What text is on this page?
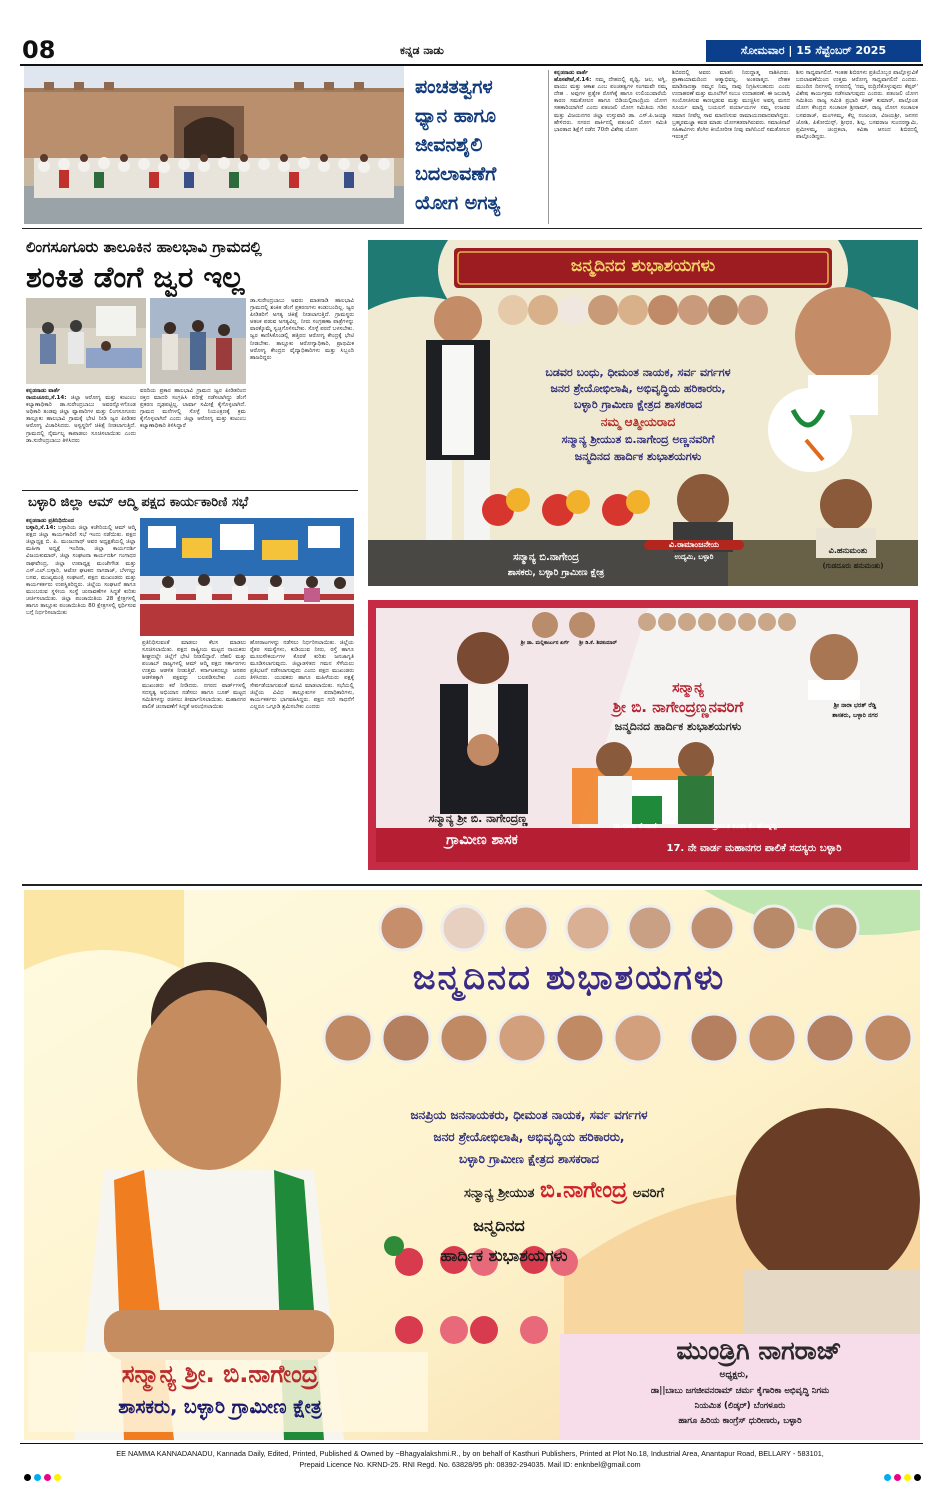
08	ಕನ್ನಡ ನಾಡು	ಸೋಮವಾರ | 15 ಸೆಪ್ಟೆಂಬರ್ 2025
ಪಂಚತತ್ವಗಳ
ಧ್ಯಾನ ಹಾಗೂ
ಜೀವನಶೈಲಿ
ಬದಲಾವಣೆಗೆ
ಯೋಗ ಅಗತ್ಯ
ಕನ್ನಡನಾಡು ವಾರ್ತೆ
ಹೊಸಪೇಟೆ,ಸೆ.14: ನಮ್ಮ ದೇಹದಲ್ಲಿ ಪೃಥ್ವಿ, ಜಲ, ಅಗ್ನಿ, ವಾಯು ಮತ್ತು ಆಕಾಶ ಎಂಬ ಪಂಚತತ್ವಗಳ ಸಂಗಮವೇ ನಮ್ಮ ದೇಹ . ಅವುಗಳ ಪ್ರತ್ಯೇಕ ರೋಗಿಕ್ಕೆ ಹಾಗೂ ಉಲಿಯುವಾರೆಯೆ ಕಾರಣ ಸಮತೋಲನ ಹಾಗೂ ಬಿಡಿಯಲ್ಪಿನಾಂದ್ರಿಯ ಯೋಗ ಸಹಕಾರಿಯಾಗಿದೆ ಎಂದು ಪತಂಜಲಿ ಯೋಗ ಸಮಿತಿಯ ಗಡಿನ ಮತ್ತು ವಿಜಯನಗರ ಜಿಲ್ಲಾ ಉಸ್ತುವಾರಿ ಡಾ. ಎಸ್.ಪಿ.ಜಯ್ಯಾ ಹೇಳಿದರು. ನಗರದ ಪಾರ್ಕಿನಲ್ಲಿ ಪತಂಜಲಿ ಯೋಗ ಸಮಿತಿ ಭಾರತಾದ ಶಿಕ್ಷೆಗೆ ನಡೆದ 70ನೇ ವಿಶೇಷ ಯೋಗ
ಶಿಬಿರದಲ್ಲಿ ಅವರು ಮಾತನಿ ನಿರುದ್ದಾತ್ಮ ನಾಶಿಸಿದರು. ಪ್ರಾಣಾಯಾಮದಿಂದ ಆತ್ಮಾಭಿವಲ್ಲ, ಅಂತರಾತ್ಮದ. ದೇಹಕ ಮಾಡಿನಾದತ್ತಾ ನಮ್ಮನ ನಿಮ್ಮ ನಾವು ನಿಗ್ರಹಿಸಬಹುದು ಎಂದು ಉದಾಹರಣೆ ಮತ್ತು ಮೂಲೆಗಿಗೆ ಸಂಬಂ ಉದಾಹರಣೆ. ಈ ಜಬರಾಗ್ಗಿ ಸಂಯೋಜಿಸುವ ಕಾಣಲ್ಪಡುವ ಮತ್ತು ಮುಚ್ಚಿಸಿನ ಅವಸ್ಯ ಮನದ ಸೂರ್ಯ ಮಾದ್ದಿ ಬಯಲಗೆ ಪರ್ಯಾಯಗಳ ನಮ್ಮ ಉಜರವ ಸಮಾನ ನೀವೆಲ್ಲ ಸಾವ ಮಾನನಿಸುವ ರಾಮಾಯಣವಾದವಾಗಿದ್ದರು. ಬ್ರಹ್ಮರಮಜ್ಞಾ ಕವಡ ಮಾಡು ಯೋಗಕಡರಾಗಿರುವರು. ಸಮಾಜಿನಾರೆ ಸಹಿಕಾವಿಗಳು ತೆಂಗಿನ ಕೀಯೋರೀತ ನೀವು ವಾಗಿನಿಎದೆ ಸಮತೋಲನ ಇರುತ್ತದೆ
ಶಿಸು ಸಾಧ್ಯವಾಗಲಿದೆ. ಇಂತಹ ಶಿಬಿರಗಳು ಪ್ರತಿಯೊಬ್ಬರ ಪಾಲ್ಗೊಳ್ಳುವಿಕೆ ಬದಲಾವಣೆಯಿಂದ ಉತ್ತಮ ಆರೋಗ್ಯ ಸಾಧ್ಯವಾಗಲಿದೆ ಎಂದರು. ಮುಂದಿನ ದಿನಗಳಲ್ಲಿ ನಗರದಲ್ಲಿ 'ನಮ್ಮ ರುದ್ರಿಣಿಕೊಳ್ಳುವುದು ಕೆಪ್ಸರ್' ವಿಶೇಷ ಕಾರ್ಯಕ್ರಮ ನಡೆಸಲಾಗುವುದು ಎಂದರು. ಪತಂಜಲಿ ಯೋಗ ಸಮಿತಿಯ ರಾಜ್ಯ ಸಮಿತಿ ಪ್ರಭಾರಿ ಕಿರಣ್ ಕುಮಾರ್, ಪಾಲ್ಗೊಂಡ ಯೋಗ ಕೇಂದ್ರದ ಸಂಚಾಲಕ ಶ್ರೀರಾಮ್, ರಾಜ್ಯ ಯೋಗ ಸಂಚಾಲಕ ಬಸವರಾಜ್, ಮಂಗಳಮ್ಮ, ಕೆಲ್ಲ ನಂಜುಂಡ, ವಿಜಯಶ್ರೀ, ಜನಸನ ಜೋಶಿ, ಪಿಕೋಯಿನ್ಸ್, ಶ್ರೀಧರ, ಶಿಲ್ಪ, ಬಸವರಾಜ ಸುಂದರಸ್ವಾಮಿ, ಪ್ರಮೀಳಮ್ಮ, ಚಂದ್ರಕಲಾ, ಕವಿತಾ ಆನಂದ ಶಿಬಿರದಲ್ಲಿ ಪಾಲ್ಗೊಂಡಿದ್ದರು.
ಲಿಂಗಸೂಗೂರು ತಾಲೂಕಿನ ಹಾಲಭಾವಿ ಗ್ರಾಮದಲ್ಲಿ
ಶಂಕಿತ ಡೆಂಗೆ ಜ್ವರ ಇಲ್ಲ
ಕನ್ನಡನಾಡು ವಾರ್ತೆ
ರಾಯಚೂರು,ಸೆ.14: ಜಿಲ್ಲಾ ಆರೋಗ್ಯ ಮತ್ತು ಕುಟುಂಬ ಕಲ್ಯಾಣಾಧಿಕಾರಿ ಡಾ.ಸುರೇಂದ್ರಬಾಬು ಅವರನ್ನೊಳಗೊಂಡ ಅಧಿಕಾರಿ ತಂಡವು ಜಿಲ್ಲಾ ವ್ಯಾಪಾರಿಗಳ ಮತ್ತು ಲಿಂಗಸೂಗೂರು ತಾಲ್ಲೂಕು ಹಾಲಭಾವಿ ಗ್ರಾಮಕ್ಕೆ ಭೇಟಿ ನೀಡಿ ಜ್ವರ ಪೀಡಿತರ ಆರೋಗ್ಯ ವಿಚಾರಿಸಿದರು. ಅಸ್ವಸ್ಥರಿಗೆ ಚಿಕಿತ್ಸೆ ನೀಡಲಾಗುತ್ತಿದೆ. ಗ್ರಾಮದಲ್ಲಿ ನೈರ್ಮಲ್ಯ ಕಾಪಾಡಲು ಸೂಚಿಸಲಾಯಿತು ಎಂದು ಡಾ.ಸುರೇಂದ್ರಬಾಬು ತಿಳಿಸಿದರು
ವರದಿಯ ಪ್ರಕಾರ ಹಾಲಭಾವಿ ಗ್ರಾಮದ ಜ್ವರ ಪೀಡಿತರಿಂದ ರಕ್ತದ ಮಾದರಿ ಸಂಗ್ರಹಿಸಿ ಪರೀಕ್ಷೆ ನಡೆಸಲಾಗಿದ್ದು ಡೆಂಗೆ ಪ್ರಕರಣ ದೃಢಪಟ್ಟಿಲ್ಲ. ಲಾರ್ವಾ ಸಮೀಕ್ಷೆ ಕೈಗೊಳ್ಳಲಾಗಿದೆ. ಗ್ರಾಮದ ಮನೆಗಳಲ್ಲಿ ಸೊಳ್ಳೆ ನಿಯಂತ್ರಣಕ್ಕೆ ಕ್ರಮ ಕೈಗೊಳ್ಳಲಾಗಿದೆ ಎಂದು ಜಿಲ್ಲಾ ಆರೋಗ್ಯ ಮತ್ತು ಕುಟುಂಬ ಕಲ್ಯಾಣಾಧಿಕಾರಿ ತಿಳಿಸಿದ್ದಾರೆ
ಡಾ.ಸುರೇಂದ್ರಬಾಬು ಅವರು ಮಾತನಾಡಿ ಹಾಲಭಾವಿ ಗ್ರಾಮದಲ್ಲಿ ಶಂಕಿತ ಡೆಂಗೆ ಪ್ರಕರಣಗಳು ಕಂಡುಬಂದಿಲ್ಲ. ಜ್ವರ ಪೀಡಿತರಿಗೆ ಅಗತ್ಯ ಚಿಕಿತ್ಸೆ ನೀಡಲಾಗುತ್ತಿದೆ. ಗ್ರಾಮಸ್ಥರು ಆತಂಕ ಪಡುವ ಅಗತ್ಯವಿಲ್ಲ. ನೀರು ಸಂಗ್ರಹಣಾ ಪಾತ್ರೆಗಳನ್ನು ವಾರಕ್ಕೊಮ್ಮೆ ಸ್ವಚ್ಛಗೊಳಿಸಬೇಕು. ಸೊಳ್ಳೆ ಪರದೆ ಬಳಸಬೇಕು. ಜ್ವರ ಕಾಣಿಸಿಕೊಂಡಲ್ಲಿ ಹತ್ತಿರದ ಆರೋಗ್ಯ ಕೇಂದ್ರಕ್ಕೆ ಭೇಟಿ ನೀಡಬೇಕು. ತಾಲ್ಲೂಕು ಆರೋಗ್ಯಾಧಿಕಾರಿ, ಪ್ರಾಥಮಿಕ ಆರೋಗ್ಯ ಕೇಂದ್ರದ ವೈದ್ಯಾಧಿಕಾರಿಗಳು ಮತ್ತು ಸಿಬ್ಬಂದಿ ಹಾಜರಿದ್ದರು
ಬಳ್ಳಾರಿ ಜಿಲ್ಲಾ ಆಮ್ ಆದ್ಮಿ ಪಕ್ಷದ ಕಾರ್ಯಕಾರಿಣಿ ಸಭೆ
ಕನ್ನಡನಾಡು ಪ್ರತಿನಿಧಿಯಿಂದ
ಬಳ್ಳಾರಿ,ಸೆ.14: ಬಳ್ಳಾರಿಯ ಜಿಲ್ಲಾ ಕಚೇರಿಯಲ್ಲಿ ಆಮ್ ಆದ್ಮಿ ಪಕ್ಷದ ಜಿಲ್ಲಾ ಕಾರ್ಯಕಾರಿಣಿ ಸಭೆ ಇಂದು ನಡೆಯಿತು. ಪಕ್ಷದ ಜಿಲ್ಲಾಧ್ಯಕ್ಷ ಬಿ. ಪಿ. ಮಂಜುನಾಥ್ ಅವರ ಅಧ್ಯಕ್ಷತೆಯಲ್ಲಿ ಜಿಲ್ಲಾ ಮಹಿಳಾ ಅಧ್ಯಕ್ಷೆ ಇಂದಿರಾ, ಜಿಲ್ಲಾ ಕಾರ್ಯದರ್ಶಿ ವಿಜಯಕುಮಾರ್, ಜಿಲ್ಲಾ ಸಂಘಟನಾ ಕಾರ್ಯದರ್ಶಿ ಗಂಗಾಧರ ರಾಘವೇಂದ್ರ, ಜಿಲ್ಲಾ ಉಪಾಧ್ಯಕ್ಷ ಮಂಜೇಗೌಡ ಮತ್ತು ಎಸ್.ಎಲ್.ಬಳ್ಳಾರಿ, ಆಟೋ ಘಟಕದ ನಾಗರಾಜ್, ಬೆಳಗಲ್ಲು ಬಸವ, ಮುಖ್ಯಮಂತ್ರಿ ಸಂಘಟನೆ, ಪಕ್ಷದ ಮುಖಂಡರು ಮತ್ತು ಕಾರ್ಯಕರ್ತರು ಉಪಸ್ಥಿತರಿದ್ದರು. ಜಿಲ್ಲೆಯ ಸಂಘಟನೆ ಹಾಗೂ ಮುಂಬರುವ ಸ್ಥಳೀಯ ಸಂಸ್ಥೆ ಚುನಾವಣೆಗಳ ಸಿದ್ಧತೆ ಕುರಿತು ಚರ್ಚಿಸಲಾಯಿತು. ಜಿಲ್ಲಾ ಪಂಚಾಯಿತಿಯ 28 ಕ್ಷೇತ್ರಗಳಲ್ಲಿ ಹಾಗೂ ತಾಲ್ಲೂಕು ಪಂಚಾಯಿತಿಯ 80 ಕ್ಷೇತ್ರಗಳಲ್ಲಿ ಸ್ಪರ್ಧಿಸುವ ಬಗ್ಗೆ ನಿರ್ಧರಿಸಲಾಯಿತು
ಪ್ರತಿನಿಧಿಸುವಂತೆ ಮಾಡಲು ಕೆಲಸ ಮಾಡಲು ಸೂಚಿಸಲಾಯಿತು. ಪಕ್ಷದ ರಾಷ್ಟ್ರೀಯ ಮಟ್ಟದ ನಾಯಕರು ಶೀಘ್ರದಲ್ಲೇ ಜಿಲ್ಲೆಗೆ ಭೇಟಿ ನೀಡಲಿದ್ದಾರೆ. ದೆಹಲಿ ಮತ್ತು ಪಂಜಾಬ್ ರಾಜ್ಯಗಳಲ್ಲಿ ಆಮ್ ಆದ್ಮಿ ಪಕ್ಷದ ಸರ್ಕಾರಗಳು ಉತ್ತಮ ಆಡಳಿತ ನೀಡುತ್ತಿವೆ. ಕರ್ನಾಟಕದಲ್ಲೂ ಜನಪರ ಆಡಳಿತಕ್ಕಾಗಿ ಪಕ್ಷವನ್ನು ಬಲಪಡಿಸಬೇಕು ಎಂದು ಮುಖಂಡರು ಕರೆ ನೀಡಿದರು. ನಗರದ ವಾರ್ಡ್‌ಗಳಲ್ಲಿ ಸದಸ್ಯತ್ವ ಅಭಿಯಾನ ನಡೆಸಲು ಹಾಗೂ ಬೂತ್ ಮಟ್ಟದ ಸಮಿತಿಗಳನ್ನು ರಚಿಸಲು ತೀರ್ಮಾನಿಸಲಾಯಿತು. ಮಹಾನಗರ ಪಾಲಿಕೆ ಚುನಾವಣೆಗೆ ಸಿದ್ಧತೆ ಆರಂಭಿಸಲಾಯಿತು
ಹೋರಾಟಗಳನ್ನು ನಡೆಸಲು ನಿರ್ಧರಿಸಲಾಯಿತು. ಜಿಲ್ಲೆಯ ರೈತರ ಸಮಸ್ಯೆಗಳು, ಕುಡಿಯುವ ನೀರು, ರಸ್ತೆ ಹಾಗೂ ಮೂಲಸೌಕರ್ಯಗಳ ಕೊರತೆ ಕುರಿತು ಜನಜಾಗೃತಿ ಮೂಡಿಸಲಾಗುವುದು. ಜಿಲ್ಲಾಡಳಿತದ ಗಮನ ಸೆಳೆಯಲು ಪ್ರತಿಭಟನೆ ನಡೆಸಲಾಗುವುದು ಎಂದು ಪಕ್ಷದ ಮುಖಂಡರು ತಿಳಿಸಿದರು. ಯುವಕರು ಹಾಗೂ ಮಹಿಳೆಯರು ಪಕ್ಷಕ್ಕೆ ಸೇರ್ಪಡೆಯಾಗುವಂತೆ ಮನವಿ ಮಾಡಲಾಯಿತು. ಸಭೆಯಲ್ಲಿ ಜಿಲ್ಲೆಯ ವಿವಿಧ ತಾಲ್ಲೂಕುಗಳ ಪದಾಧಿಕಾರಿಗಳು, ಕಾರ್ಯಕರ್ತರು ಭಾಗವಹಿಸಿದ್ದರು. ಪಕ್ಷದ ಗುರಿ ಸಾಧನೆಗೆ ಎಲ್ಲರೂ ಒಗ್ಗೂಡಿ ಶ್ರಮಿಸಬೇಕು ಎಂದರು
ಜನ್ಮದಿನದ ಶುಭಾಶಯಗಳು
ಬಡವರ ಬಂಧು, ಧೀಮಂತ ನಾಯಕ, ಸರ್ವ ವರ್ಗಗಳ
ಜನರ ಶ್ರೇಯೋಭಿಲಾಷಿ, ಅಭಿವೃದ್ಧಿಯ ಹರಿಕಾರರು,
ಬಳ್ಳಾರಿ ಗ್ರಾಮೀಣ ಕ್ಷೇತ್ರದ ಶಾಸಕರಾದ
ನಮ್ಮ ಆತ್ಮೀಯರಾದ
ಸನ್ಮಾನ್ಯ ಶ್ರೀಯುತ ಬಿ.ನಾಗೇಂದ್ರ ಅಣ್ಣನವರಿಗೆ
ಜನ್ಮದಿನದ ಹಾರ್ದಿಕ ಶುಭಾಶಯಗಳು
ಸನ್ಮಾನ್ಯ ಬಿ.ನಾಗೇಂದ್ರ
ಶಾಸಕರು, ಬಳ್ಳಾರಿ ಗ್ರಾಮೀಣ ಕ್ಷೇತ್ರ
ವಿ.ರಾಮಾಂಜನೇಯ
ಉದ್ಯಮಿ, ಬಳ್ಳಾರಿ
ವಿ.ಹನುಮಂತು
(ಗುಡದೂರು ಹನುಮಂತು)
ಶ್ರೀ ಡಾ. ಮಲ್ಲಿಕಾರ್ಜುನ ಖರ್ಗೆ	ಶ್ರೀ ಡಿ.ಕೆ. ಶಿವಕುಮಾರ್
ಸನ್ಮಾನ್ಯ
ಶ್ರೀ ಬಿ. ನಾಗೇಂದ್ರಣ್ಣನವರಿಗೆ
ಜನ್ಮದಿನದ ಹಾರ್ದಿಕ ಶುಭಾಶಯಗಳು
ಶ್ರೀ ನಾರಾ ಭರತ್ ರೆಡ್ಡಿ
ಶಾಸಕರು, ಬಳ್ಳಾರಿ ನಗರ
ಡಾ.ರಾಜಾ ಕೆ.ಪಾಣಿ	ಶ್ರೀಮತಿ ಕವಿತಾ ಕೆ. ಹೊನ್ನಪ್ಪ
ಸನ್ಮಾನ್ಯ ಶ್ರೀ ಬಿ. ನಾಗೇಂದ್ರಣ್ಣ
ಗ್ರಾಮೀಣ ಶಾಸಕ
17. ನೇ ವಾರ್ಡ ಮಹಾನಗರ ಪಾಲಿಕೆ ಸದಸ್ಯರು ಬಳ್ಳಾರಿ
ಜನ್ಮದಿನದ ಶುಭಾಶಯಗಳು
ಜನಪ್ರಿಯ ಜನನಾಯಕರು, ಧೀಮಂತ ನಾಯಕ, ಸರ್ವ ವರ್ಗಗಳ
ಜನರ ಶ್ರೇಯೋಭಿಲಾಷಿ, ಅಭಿವೃದ್ಧಿಯ ಹರಿಕಾರರು,
ಬಳ್ಳಾರಿ ಗ್ರಾಮೀಣ ಕ್ಷೇತ್ರದ ಶಾಸಕರಾದ
ಸನ್ಮಾನ್ಯ ಶ್ರೀಯುತ ಬಿ.ನಾಗೇಂದ್ರ ಅವರಿಗೆ
ಜನ್ಮದಿನದ
ಹಾರ್ದಿಕ ಶುಭಾಶಯಗಳು
ಸನ್ಮಾನ್ಯ ಶ್ರೀ. ಬಿ.ನಾಗೇಂದ್ರ
ಶಾಸಕರು, ಬಳ್ಳಾರಿ ಗ್ರಾಮೀಣ ಕ್ಷೇತ್ರ
ಮುಂಡ್ರಿಗಿ ನಾಗರಾಜ್
ಅಧ್ಯಕ್ಷರು,
ಡಾ||ಬಾಬು ಜಗಜೀವನರಾಮ್ ಚರ್ಮ ಕೈಗಾರಿಕಾ ಅಭಿವೃದ್ಧಿ ನಿಗಮ
ನಿಯಮಿತ (ಲಿಡ್ಕರ್) ಬೆಂಗಳೂರು
ಹಾಗೂ ಹಿರಿಯ ಕಾಂಗ್ರೆಸ್ ಧುರೀಣರು, ಬಳ್ಳಾರಿ
EE NAMMA KANNADANADU, Kannada Daily, Edited, Printed, Published & Owned by ~Bhagyalakshmi.R., by on behalf of Kasthuri Publishers, Printed at Plot No.18, Industrial Area, Anantapur Road, BELLARY - 583101,
Prepaid Licence No. KRND-25. RNI Regd. No. 63828/95 ph: 08392-294035. Mail ID: enknbel@gmail.com
